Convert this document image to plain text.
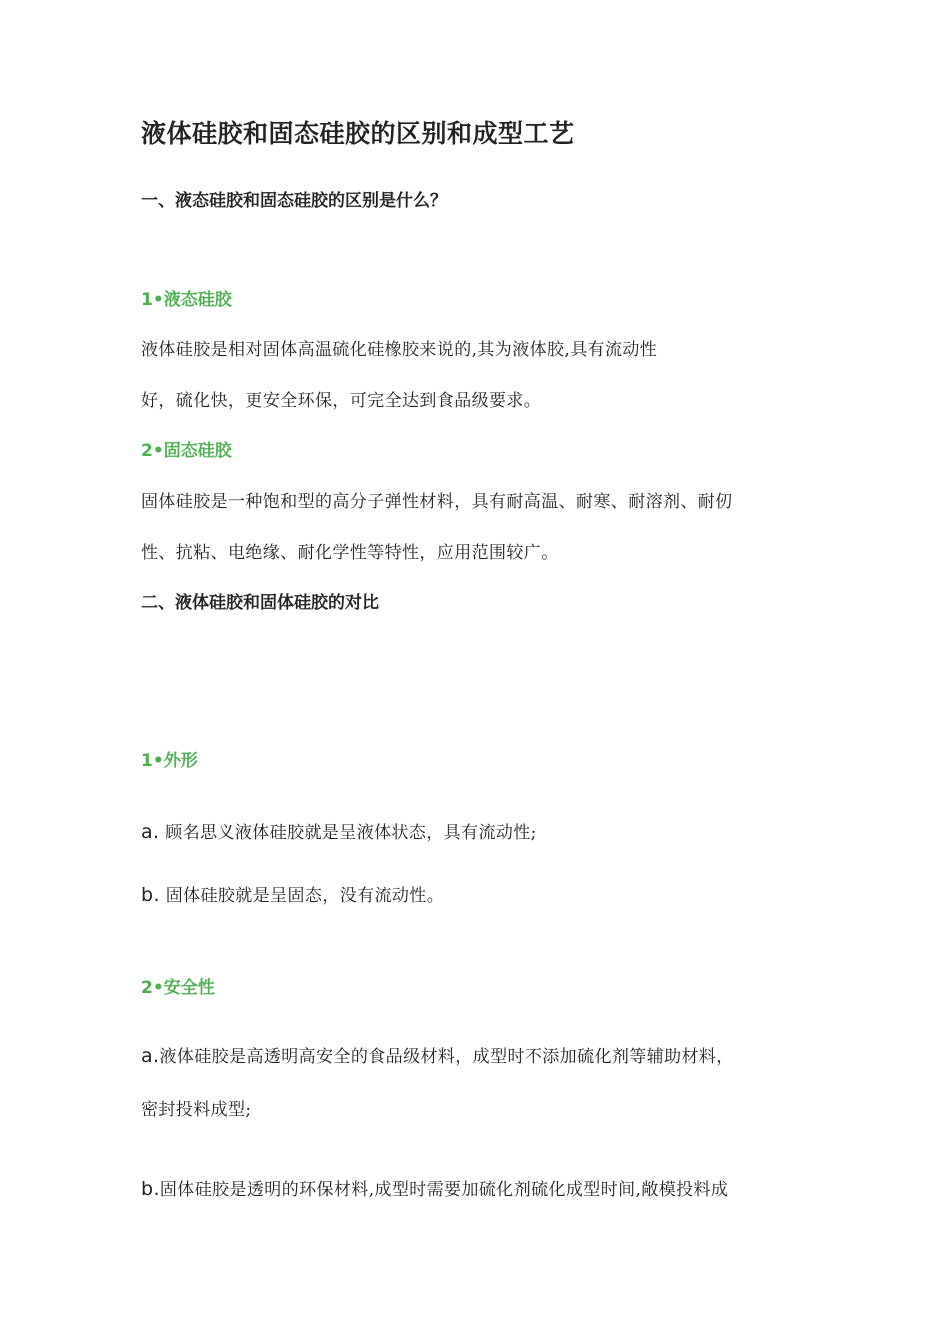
液体硅胶和固态硅胶的区别和成型工艺
一、液态硅胶和固态硅胶的区别是什么？
1•液态硅胶
液体硅胶是相对固体高温硫化硅橡胶来说的,其为液体胶,具有流动性
好，硫化快，更安全环保，可完全达到食品级要求。
2•固态硅胶
固体硅胶是一种饱和型的高分子弹性材料，具有耐高温、耐寒、耐溶剂、耐仞
性、抗粘、电绝缘、耐化学性等特性，应用范围较广。
二、液体硅胶和固体硅胶的对比
1•外形
a. 顾名思义液体硅胶就是呈液体状态，具有流动性;
b. 固体硅胶就是呈固态，没有流动性。
2•安全性
a.液体硅胶是高透明高安全的食品级材料，成型时不添加硫化剂等辅助材料，
密封投料成型;
b.固体硅胶是透明的环保材料,成型时需要加硫化剂硫化成型时间,敞模投料成
